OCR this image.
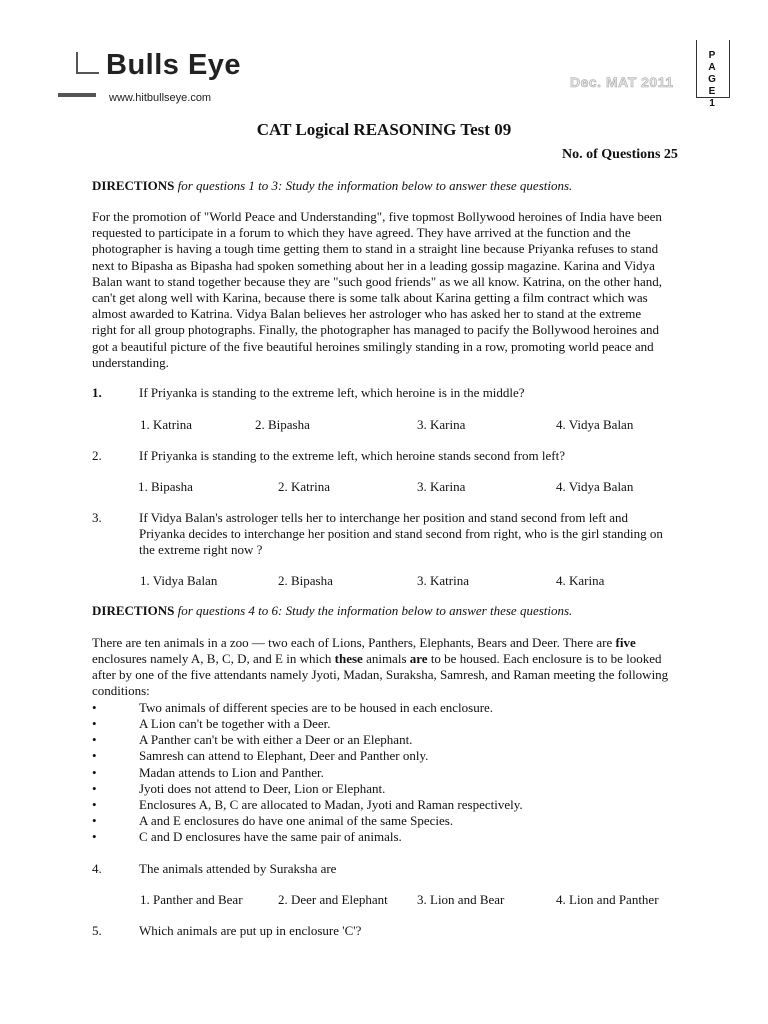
Bulls Eye
www.hitbullseye.com
Dec. MAT 2011
P
A
G
E
1
CAT Logical REASONING Test 09
No. of Questions 25
DIRECTIONS for questions 1 to 3: Study the information below to answer these questions.
For the promotion of "World Peace and Understanding", five topmost Bollywood heroines of India have been
requested to participate in a forum to which they have agreed. They have arrived at the function and the
photographer is having a tough time getting them to stand in a straight line because Priyanka refuses to stand
next to Bipasha as Bipasha had spoken something about her in a leading gossip magazine. Karina and Vidya
Balan want to stand together because they are "such good friends" as we all know. Katrina, on the other hand,
can't get along well with Karina, because there is some talk about Karina getting a film contract which was
almost awarded to Katrina. Vidya Balan believes her astrologer who has asked her to stand at the extreme
right for all group photographs. Finally, the photographer has managed to pacify the Bollywood heroines and
got a beautiful picture of the five beautiful heroines smilingly standing in a row, promoting world peace and
understanding.
1.	If Priyanka is standing to the extreme left, which heroine is in the middle?
1. Katrina	2. Bipasha	3. Karina	4. Vidya Balan
2.	If Priyanka is standing to the extreme left, which heroine stands second from left?
1. Bipasha	2. Katrina	3. Karina	4. Vidya Balan
3.	If Vidya Balan's astrologer tells her to interchange her position and stand second from left and
Priyanka decides to interchange her position and stand second from right, who is the girl standing on
the extreme right now ?
1. Vidya Balan	2. Bipasha	3. Katrina	4. Karina
DIRECTIONS for questions 4 to 6: Study the information below to answer these questions.
There are ten animals in a zoo — two each of Lions, Panthers, Elephants, Bears and Deer. There are five
enclosures namely A, B, C, D, and E in which these animals are to be housed. Each enclosure is to be looked
after by one of the five attendants namely Jyoti, Madan, Suraksha, Samresh, and Raman meeting the following
conditions:
•	Two animals of different species are to be housed in each enclosure.
•	A Lion can't be together with a Deer.
•	A Panther can't be with either a Deer or an Elephant.
•	Samresh can attend to Elephant, Deer and Panther only.
•	Madan attends to Lion and Panther.
•	Jyoti does not attend to Deer, Lion or Elephant.
•	Enclosures A, B, C are allocated to Madan, Jyoti and Raman respectively.
•	A and E enclosures do have one animal of the same Species.
•	C and D enclosures have the same pair of animals.
4.	The animals attended by Suraksha are
1. Panther and Bear	2. Deer and Elephant 3. Lion and Bear	4. Lion and Panther
5.	Which animals are put up in enclosure 'C'?
